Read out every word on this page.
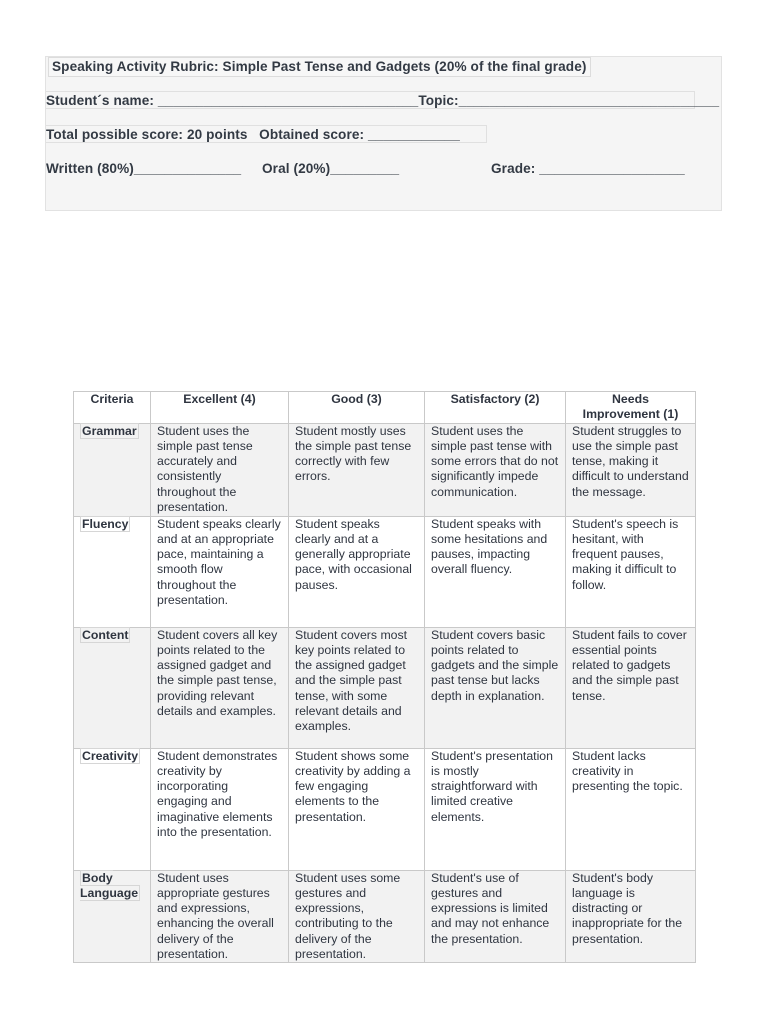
Speaking Activity Rubric: Simple Past Tense and Gadgets (20% of the final grade)
Student´s name: __________________________________Topic:__________________________________
Total possible score: 20 points   Obtained score: ____________

Written (80%)______________

Oral (20%)_________

	Grade: ___________________

Criteria	Excellent (4)	Good (3)	Satisfactory (2)	Needs Improvement (1)
Grammar	Student uses the simple past tense accurately and consistently throughout the presentation.	Student mostly uses the simple past tense correctly with few errors.	Student uses the simple past tense with some errors that do not significantly impede communication.	Student struggles to use the simple past tense, making it difficult to understand the message.
Fluency	Student speaks clearly and at an appropriate pace, maintaining a smooth flow throughout the presentation.	Student speaks clearly and at a generally appropriate pace, with occasional pauses.	Student speaks with some hesitations and pauses, impacting overall fluency.	Student's speech is hesitant, with frequent pauses, making it difficult to follow.
Content	Student covers all key points related to the assigned gadget and the simple past tense, providing relevant details and examples.	Student covers most key points related to the assigned gadget and the simple past tense, with some relevant details and examples.	Student covers basic points related to gadgets and the simple past tense but lacks depth in explanation.	Student fails to cover essential points related to gadgets and the simple past tense.
Creativity	Student demonstrates creativity by incorporating engaging and imaginative elements into the presentation.	Student shows some creativity by adding a few engaging elements to the presentation.	Student's presentation is mostly straightforward with limited creative elements.	Student lacks creativity in presenting the topic.
Body Language	Student uses appropriate gestures and expressions, enhancing the overall delivery of the presentation.	Student uses some gestures and expressions, contributing to the delivery of the presentation.	Student's use of gestures and expressions is limited and may not enhance the presentation.	Student's body language is distracting or inappropriate for the presentation.
